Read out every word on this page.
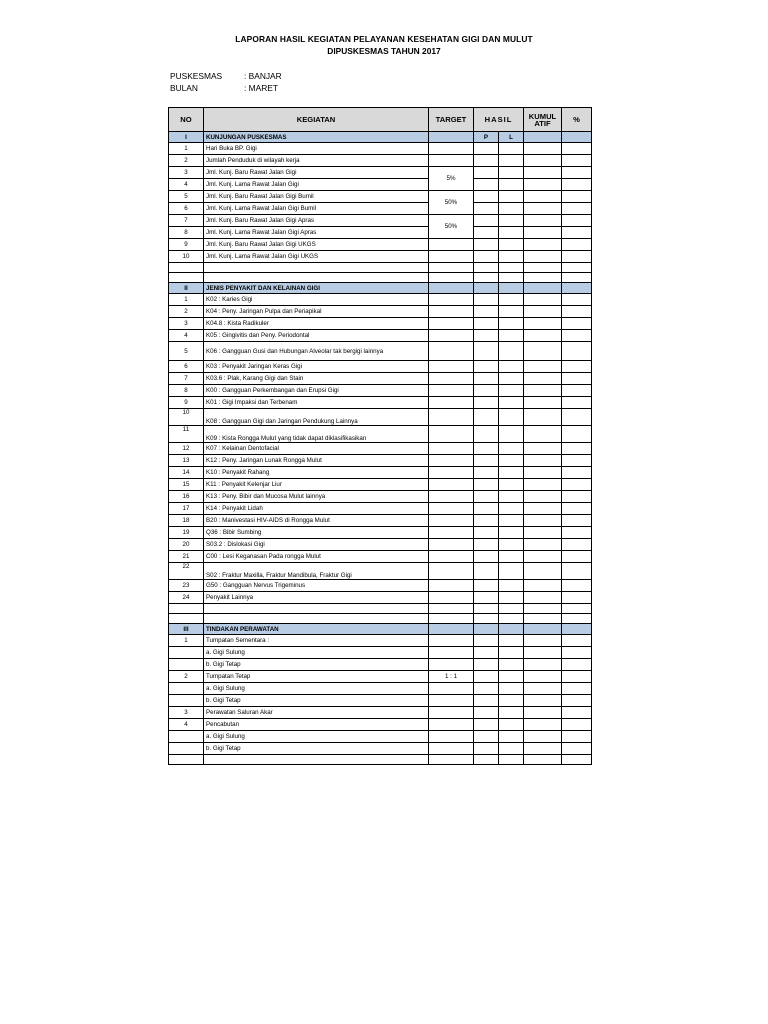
LAPORAN HASIL KEGIATAN PELAYANAN KESEHATAN GIGI DAN MULUT
DIPUSKESMAS TAHUN 2017
PUSKESMAS	: BANJAR
BULAN	: MARET
NO	KEGIATAN	TARGET	HASIL		KUMUL ATIF	%
I	KUNJUNGAN PUSKESMAS		P	L		
1	Hari Buka BP. Gigi					
2	Jumlah Penduduk di wilayah kerja					
3	Jml. Kunj. Baru Rawat Jalan Gigi	5%				
4	Jml. Kunj. Lama Rawat Jalan Gigi					
5	Jml. Kunj. Baru Rawat Jalan Gigi Bumil	50%				
6	Jml. Kunj. Lama Rawat Jalan Gigi Bumil					
7	Jml. Kunj. Baru Rawat Jalan Gigi Apras	50%				
8	Jml. Kunj. Lama Rawat Jalan Gigi Apras					
9	Jml. Kunj. Baru Rawat Jalan Gigi UKGS					
10	Jml. Kunj. Lama Rawat Jalan Gigi UKGS					

II	JENIS PENYAKIT DAN KELAINAN GIGI					
1	K02 : Karies Gigi					
2	K04 : Peny. Jaringan Pulpa dan Periapikal					
3	K04.8 : Kista Radikuler					
4	K05 : Gingivitis dan Peny. Periodontal					
5	K06 : Gangguan Gusi dan Hubungan Alveolar tak bergigi lainnya					
6	K03 : Penyakit Jaringan Keras Gigi					
7	K03.6 : Plak, Karang Gigi dan Stain					
8	K00 : Gangguan Perkembangan dan Erupsi Gigi					
9	K01 : Gigi Impaksi dan Terbenam					
10	K08 : Gangguan Gigi dan Jaringan Pendukung Lainnya					
11	K09 : Kista Rongga Mulut yang tidak dapat diklasifikasikan					
12	K07 : Kelainan Dentofacial					
13	K12 : Peny. Jaringan Lunak Rongga Mulut					
14	K10 : Penyakit Rahang					
15	K11 : Penyakit Kelenjar Liur					
16	K13 : Peny. Bibir dan Mucosa Mulut lainnya					
17	K14 : Penyakit Lidah					
18	B20 : Manivestasi HIV-AIDS di Rongga Mulut					
19	Q36 : Bibir Sumbing					
20	S03.2 : Dislokasi Gigi					
21	C00 : Lesi Keganasan Pada rongga Mulut					
22	S02 : Fraktur Maxilla, Fraktur Mandibula, Fraktur Gigi					
23	G50 : Gangguan Nervus Trigeminus					
24	Penyakit Lainnya					

III	TINDAKAN PERAWATAN					
1	Tumpatan Sementara :					
	a. Gigi Sulung					
	b. Gigi Tetap					
2	Tumpatan Tetap	1 : 1				
	a. Gigi Sulung					
	b. Gigi Tetap					
3	Perawatan Saluran Akar					
4	Pencabutan					
	a. Gigi Sulung					
	b. Gigi Tetap					
